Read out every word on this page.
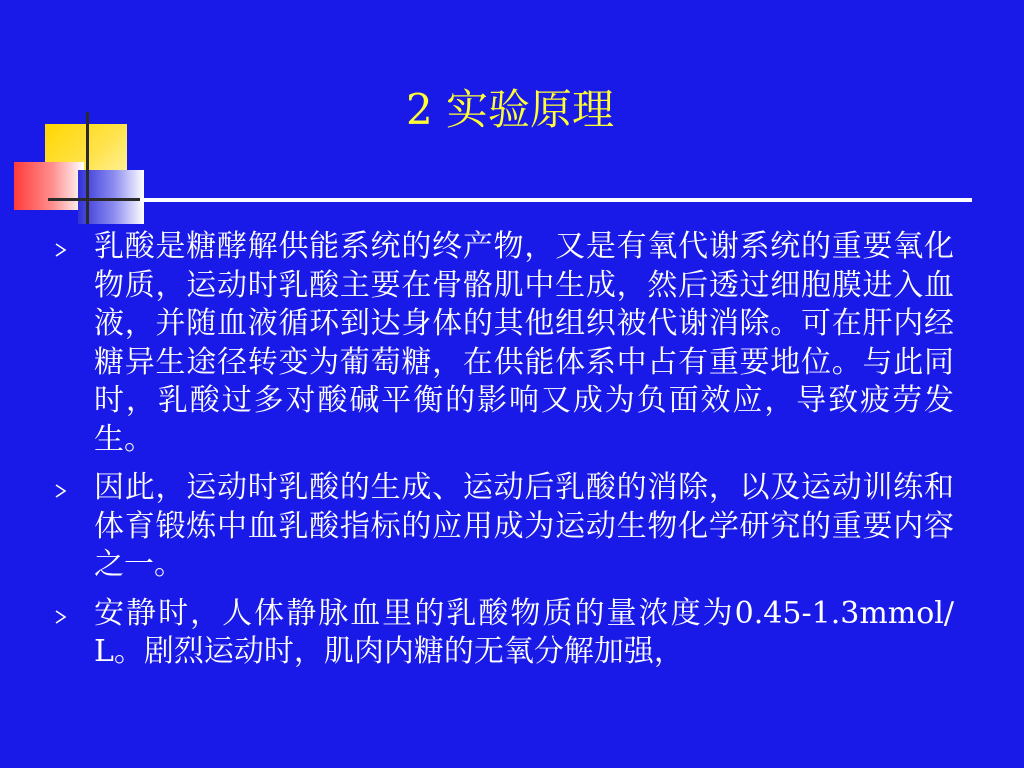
2 实验原理
乳酸是糖酵解供能系统的终产物，又是有氧代谢系统的重要氧化物质，运动时乳酸主要在骨骼肌中生成，然后透过细胞膜进入血液，并随血液循环到达身体的其他组织被代谢消除。可在肝内经糖异生途径转变为葡萄糖，在供能体系中占有重要地位。与此同时，乳酸过多对酸碱平衡的影响又成为负面效应，导致疲劳发生。
因此，运动时乳酸的生成、运动后乳酸的消除，以及运动训练和体育锻炼中血乳酸指标的应用成为运动生物化学研究的重要内容之一。
安静时，人体静脉血里的乳酸物质的量浓度为0.45-1.3mmol/L。剧烈运动时，肌肉内糖的无氧分解加强，
